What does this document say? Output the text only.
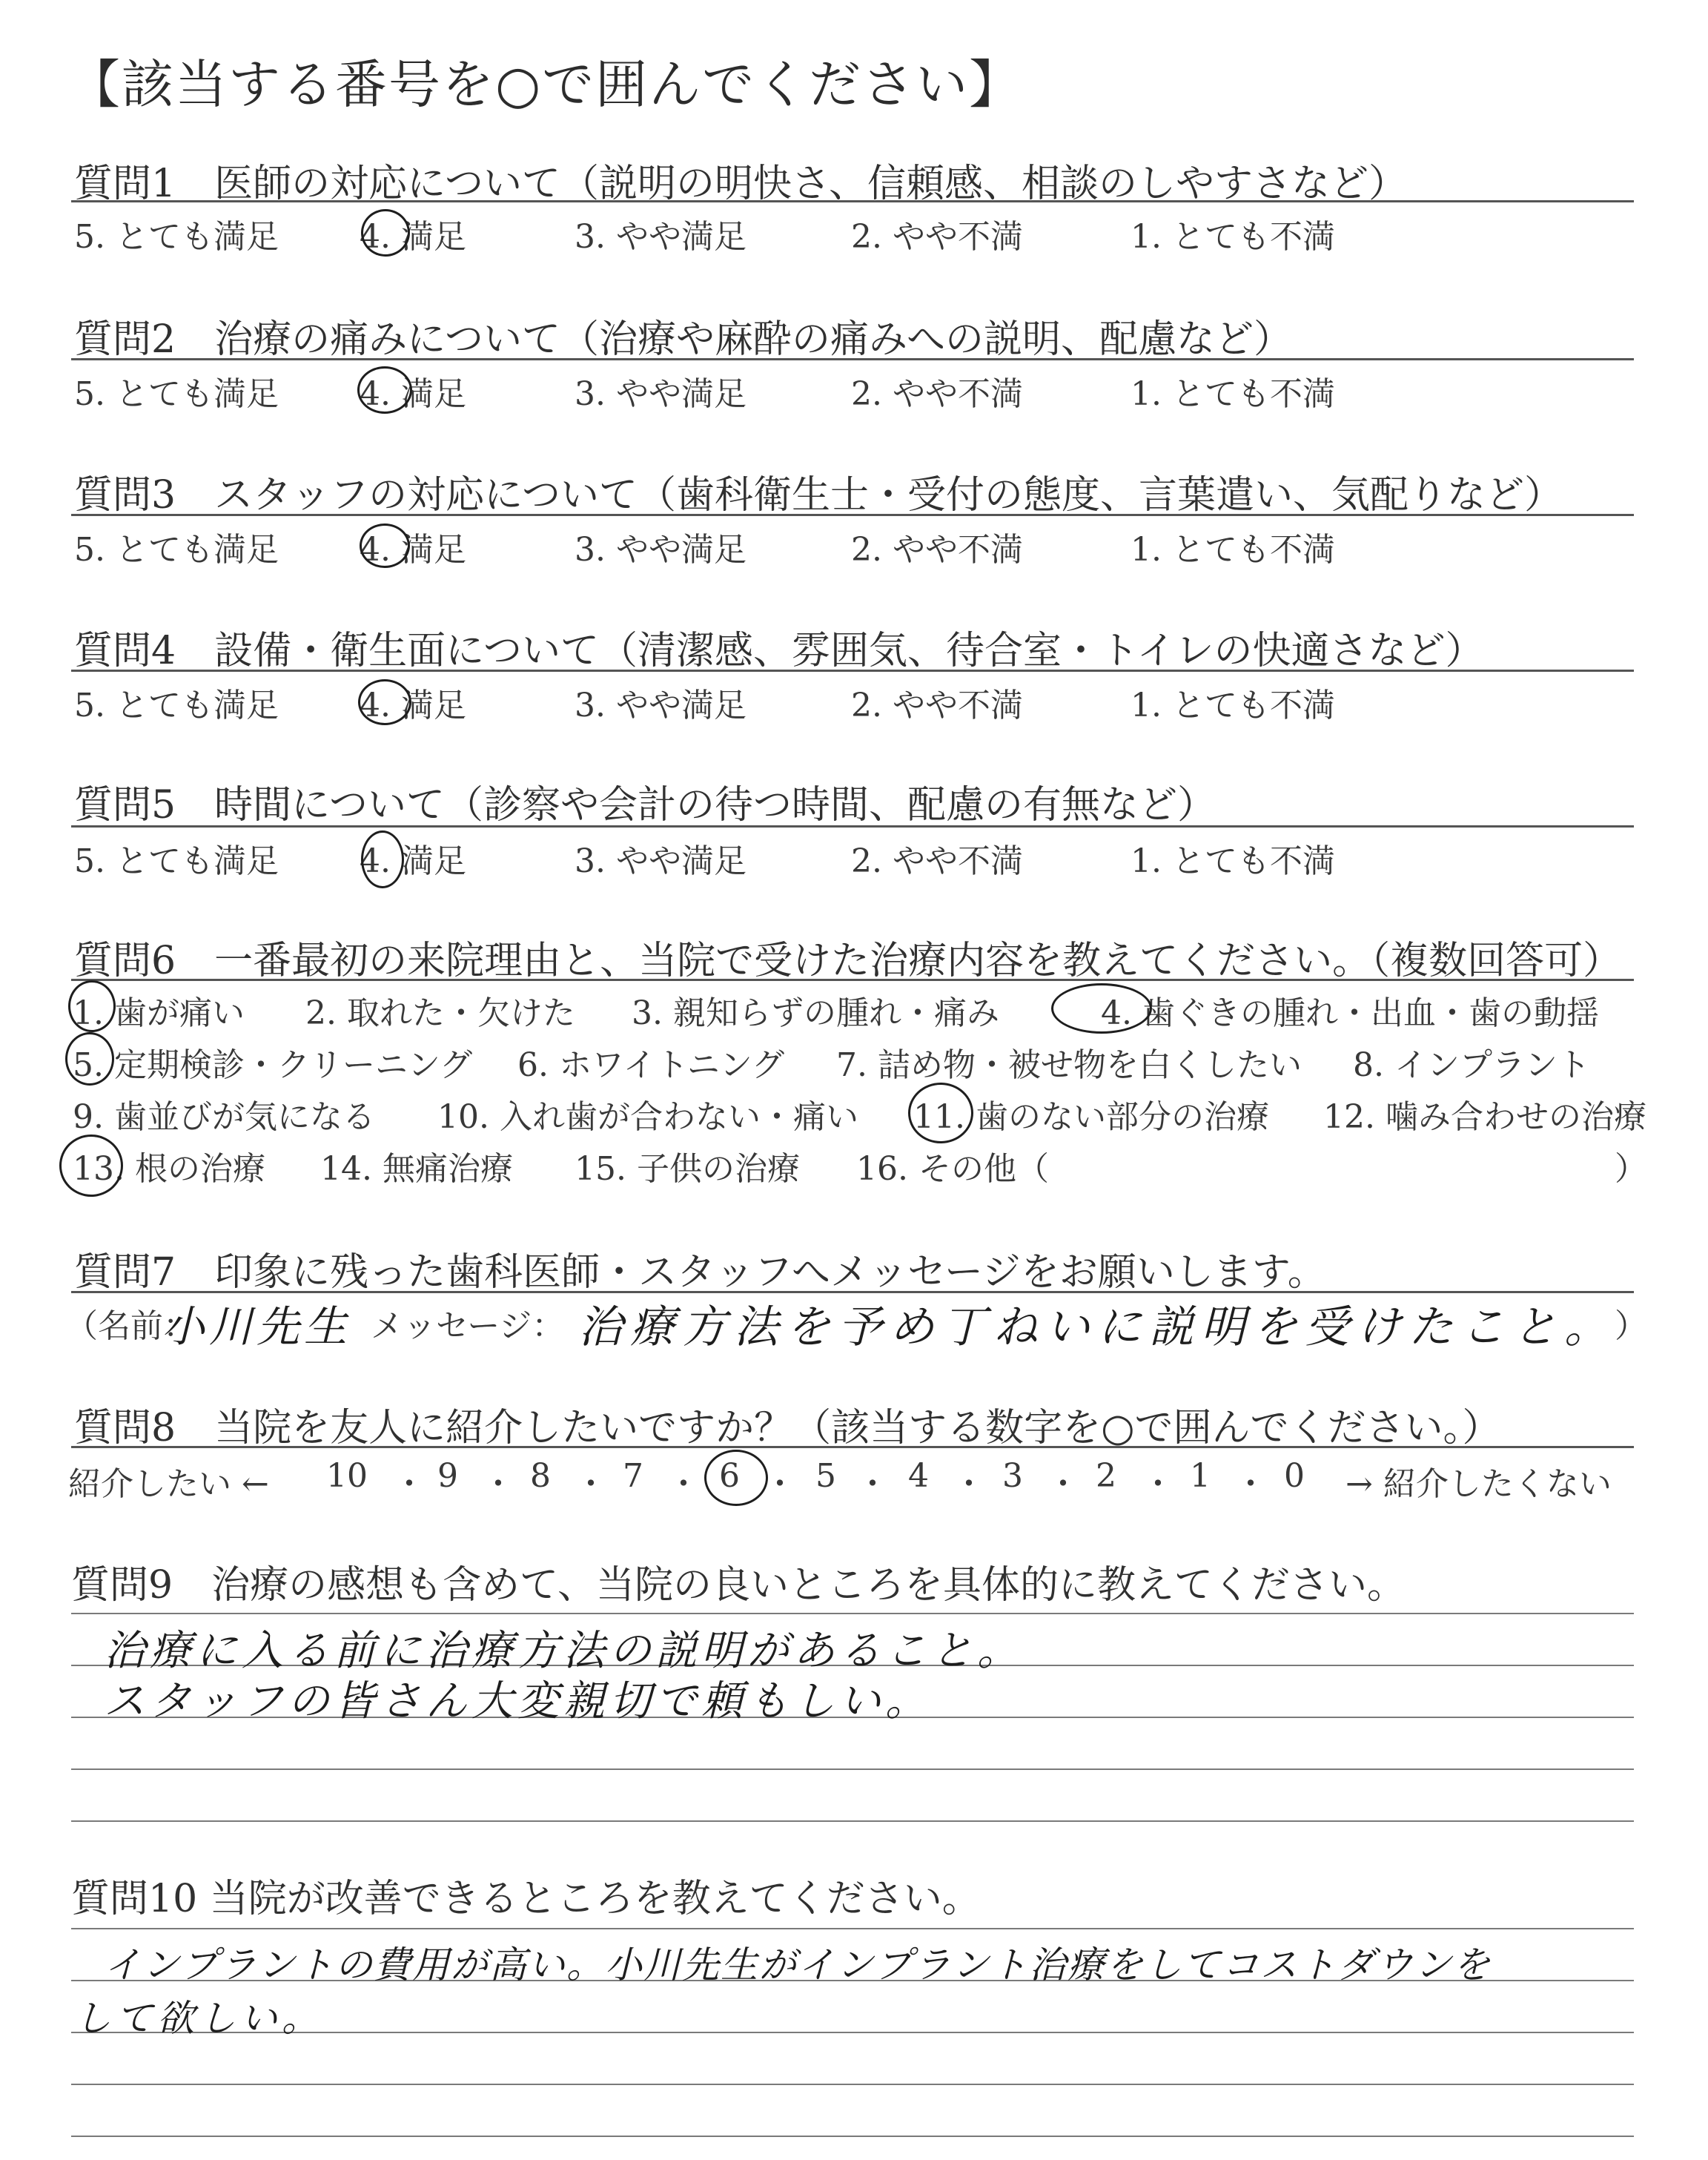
【該当する番号を○で囲んでください】
質問1　医師の対応について（説明の明快さ、信頼感、相談のしやすさなど）
5. とても満足 4. 満足	3. やや満足	2. やや不満	1. とても不満
質問2　治療の痛みについて（治療や麻酔の痛みへの説明、配慮など）
5. とても満足 4. 満足	3. やや満足	2. やや不満	1. とても不満
質問3　スタッフの対応について（歯科衛生士・受付の態度、言葉遣い、気配りなど）
5. とても満足 4. 満足	3. やや満足	2. やや不満	1. とても不満
質問4　設備・衛生面について（清潔感、雰囲気、待合室・トイレの快適さなど）
5. とても満足 4. 満足	3. やや満足	2. やや不満	1. とても不満
質問5　時間について（診察や会計の待つ時間、配慮の有無など）
5. とても満足 4. 満足	3. やや満足	2. やや不満	1. とても不満
質問6　一番最初の来院理由と、当院で受けた治療内容を教えてください。（複数回答可）
1. 歯が痛い 2. 取れた・欠けた 3. 親知らずの腫れ・痛み	4. 歯ぐきの腫れ・出血・歯の動揺
5. 定期検診・クリーニング 6. ホワイトニング 7. 詰め物・被せ物を白くしたい 8. インプラント
9. 歯並びが気になる 10. 入れ歯が合わない・痛い 11. 歯のない部分の治療 12. 噛み合わせの治療
13. 根の治療 14. 無痛治療 15. 子供の治療 16. その他（	）
質問7　印象に残った歯科医師・スタッフへメッセージをお願いします。
（名前：
小川先生 メッセージ： 治療方法を予め丁ねいに説明を受けたこと。
）
質問8　当院を友人に紹介したいですか？（該当する数字を○で囲んでください。）
紹介したい ← 10 ・ 9 ・ 8 ・ 7 ・ 6 ・ 5 ・ 4 ・ 3 ・ 2 ・ 1 ・ 0 → 紹介したくない
質問9　治療の感想も含めて、当院の良いところを具体的に教えてください。
治療に入る前に治療方法の説明があること。
スタッフの皆さん大変親切で頼もしい。
質問10 当院が改善できるところを教えてください。
インプラントの費用が高い。小川先生がインプラント治療をしてコストダウンを
して欲しい。
